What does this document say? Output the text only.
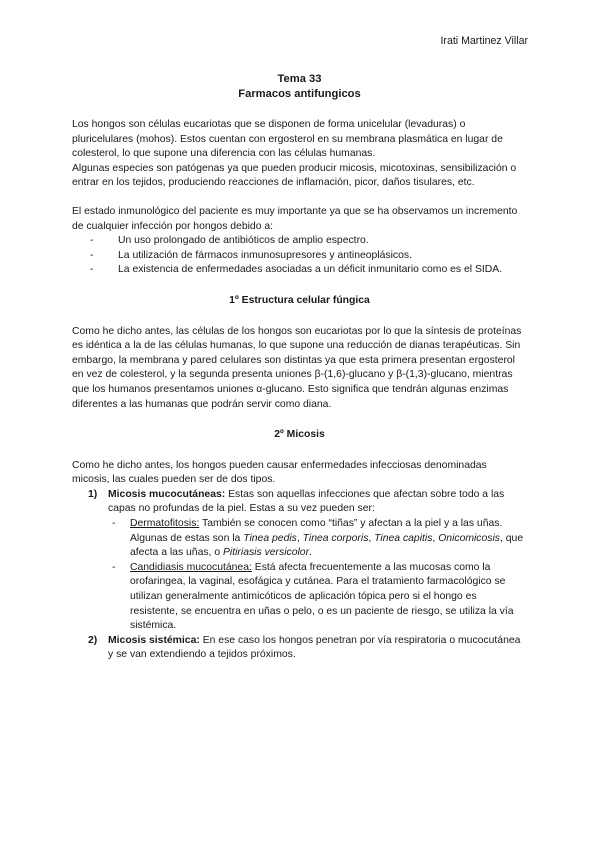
Irati Martinez Villar
Tema 33
Farmacos antifungicos

Los hongos son células eucariotas que se disponen de forma unicelular (levaduras) o pluricelulares (mohos). Estos cuentan con ergosterol en su membrana plasmática en lugar de colesterol, lo que supone una diferencia con las células humanas.

Algunas especies son patógenas ya que pueden producir micosis, micotoxinas, sensibilización o entrar en los tejidos, produciendo reacciones de inflamación, picor, daños tisulares, etc.

El estado inmunológico del paciente es muy importante ya que se ha observamos un incremento de cualquier infección por hongos debido a:

- Un uso prolongado de antibióticos de amplio espectro.
- La utilización de fármacos inmunosupresores y antineoplásicos.
- La existencia de enfermedades asociadas a un déficit inmunitario como es el SIDA.
1º Estructura celular fúngica

Como he dicho antes, las células de los hongos son eucariotas por lo que la síntesis de proteínas es idéntica a la de las células humanas, lo que supone una reducción de dianas terapéuticas. Sin embargo, la membrana y pared celulares son distintas ya que esta primera presentan ergosterol en vez de colesterol, y la segunda presenta uniones β-(1,6)-glucano y β-(1,3)-glucano, mientras que los humanos presentamos uniones α-glucano. Esto significa que tendrán algunas enzimas diferentes a las humanas que podrán servir como diana.

2º Micosis

Como he dicho antes, los hongos pueden causar enfermedades infecciosas denominadas micosis, las cuales pueden ser de dos tipos.

1) Micosis mucocutáneas: Estas son aquellas infecciones que afectan sobre todo a las capas no profundas de la piel. Estas a su vez pueden ser:
- Dermatofitosis: También se conocen como “tiñas” y afectan a la piel y a las uñas. Algunas de estas son la Tinea pedis, Tinea corporis, Tinea capitis, Onicomicosis, que afecta a las uñas, o Pitiriasis versicolor.
- Candidiasis mucocutánea: Está afecta frecuentemente a las mucosas como la orofaringea, la vaginal, esofágica y cutánea. Para el tratamiento farmacológico se utilizan generalmente antimicóticos de aplicación tópica pero si el hongo es resistente, se encuentra en uñas o pelo, o es un paciente de riesgo, se utiliza la vía sistémica.
2) Micosis sistémica: En ese caso los hongos penetran por vía respiratoria o mucocutánea y se van extendiendo a tejidos próximos.
